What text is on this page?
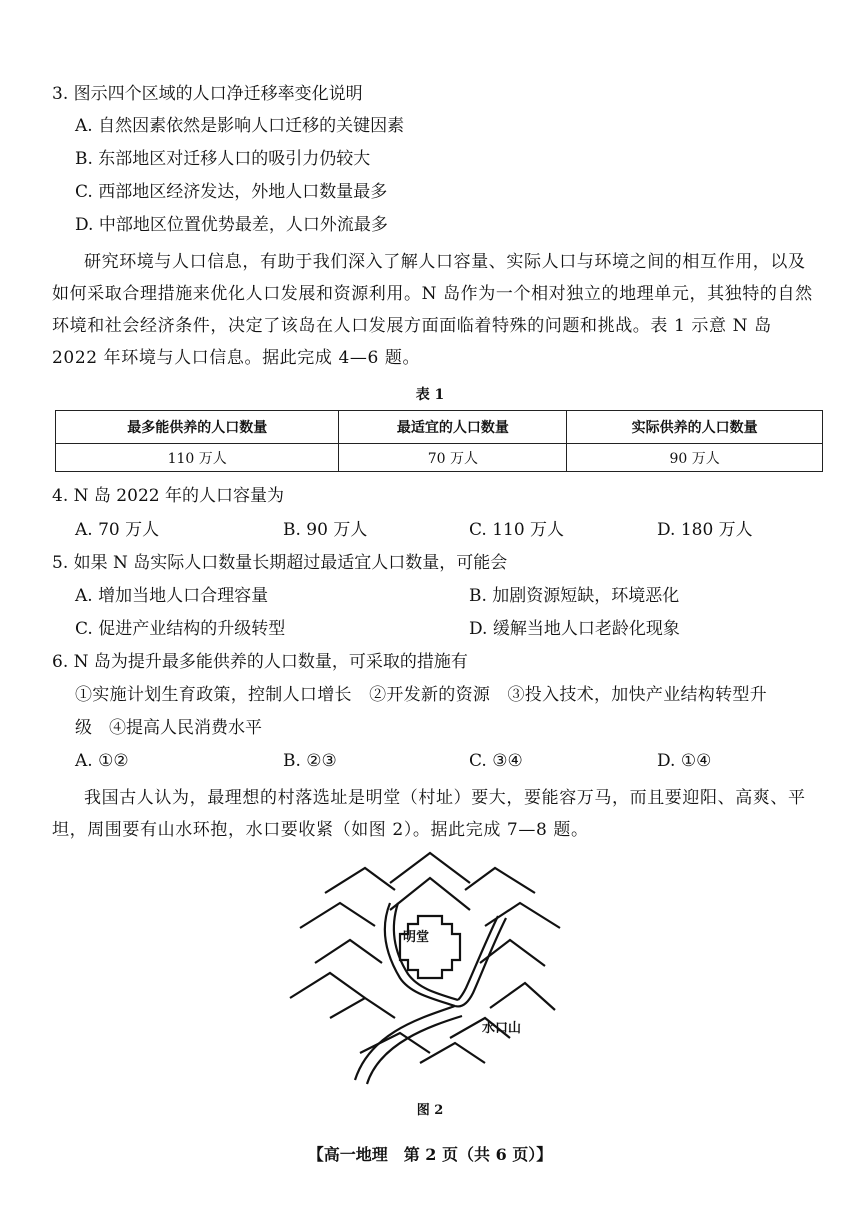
3. 图示四个区域的人口净迁移率变化说明
A. 自然因素依然是影响人口迁移的关键因素
B. 东部地区对迁移人口的吸引力仍较大
C. 西部地区经济发达，外地人口数量最多
D. 中部地区位置优势最差，人口外流最多
研究环境与人口信息，有助于我们深入了解人口容量、实际人口与环境之间的相互作用，以及如何采取合理措施来优化人口发展和资源利用。N 岛作为一个相对独立的地理单元，其独特的自然环境和社会经济条件，决定了该岛在人口发展方面面临着特殊的问题和挑战。表 1 示意 N 岛 2022 年环境与人口信息。据此完成 4—6 题。
表 1
最多能供养的人口数量	最适宜的人口数量	实际供养的人口数量
110 万人	70 万人	90 万人
4. N 岛 2022 年的人口容量为
A. 70 万人	B. 90 万人	C. 110 万人	D. 180 万人
5. 如果 N 岛实际人口数量长期超过最适宜人口数量，可能会
A. 增加当地人口合理容量	B. 加剧资源短缺，环境恶化
C. 促进产业结构的升级转型	D. 缓解当地人口老龄化现象
6. N 岛为提升最多能供养的人口数量，可采取的措施有
①实施计划生育政策，控制人口增长　②开发新的资源　③投入技术，加快产业结构转型升
级　④提高人民消费水平
A. ①②	B. ②③	C. ③④	D. ①④
我国古人认为，最理想的村落选址是明堂（村址）要大，要能容万马，而且要迎阳、高爽、平坦，周围要有山水环抱，水口要收紧（如图 2）。据此完成 7—8 题。
明堂
水口山
图 2
【高一地理　第 2 页（共 6 页）】
